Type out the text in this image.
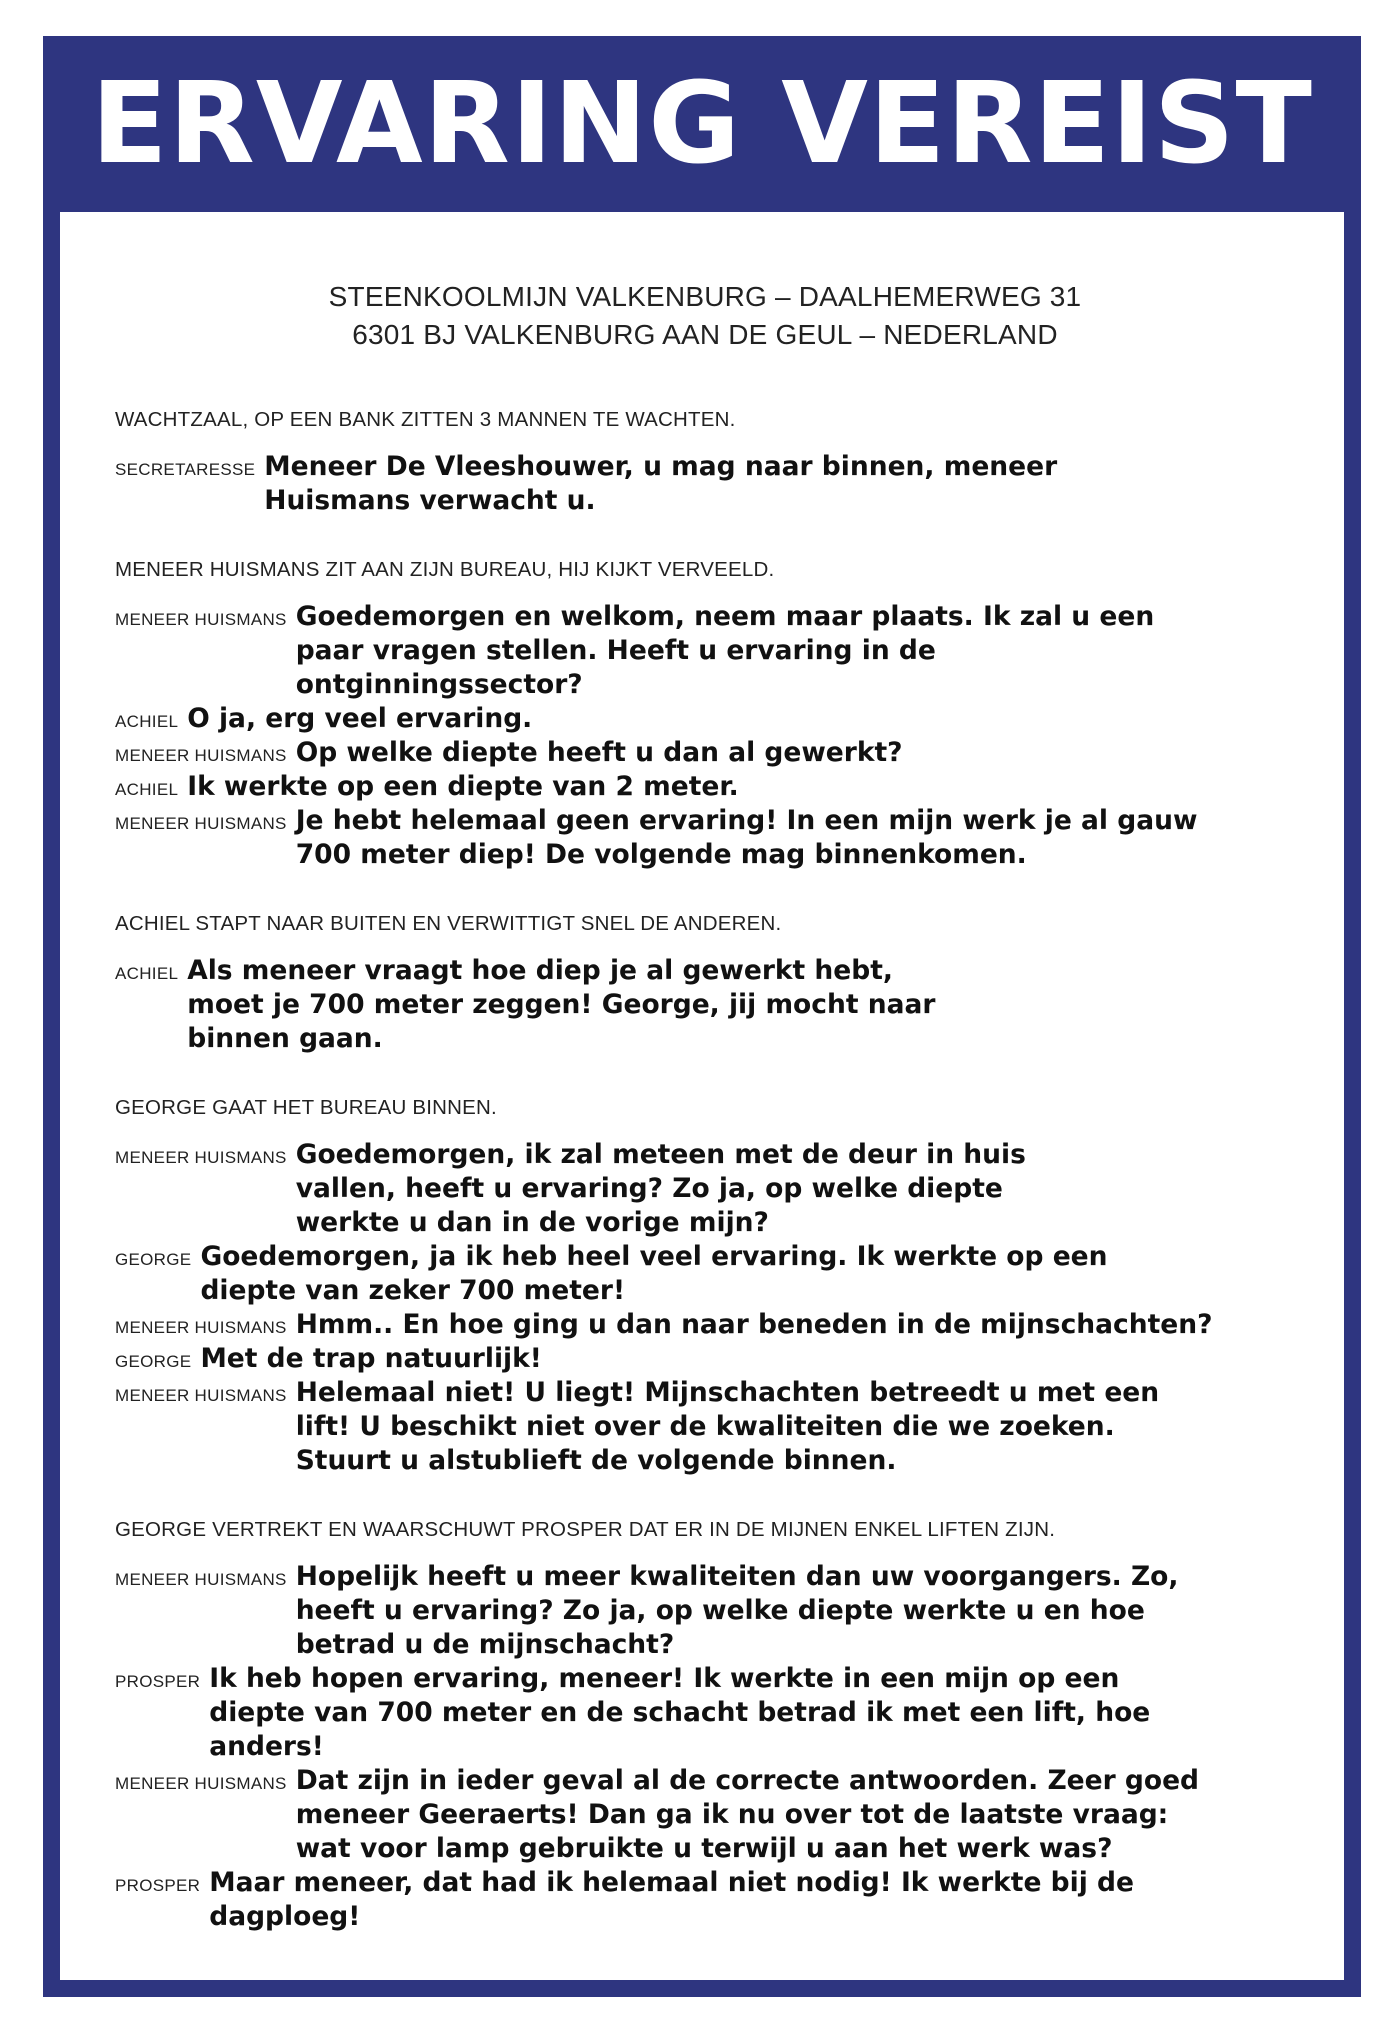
ERVARING VEREIST
STEENKOOLMIJN VALKENBURG – DAALHEMERWEG 31
6301 BJ VALKENBURG AAN DE GEUL – NEDERLAND
WACHTZAAL, OP EEN BANK ZITTEN 3 MANNEN TE WACHTEN.
SECRETARESSE Meneer De Vleeshouwer, u mag naar binnen, meneer Huismans verwacht u.
MENEER HUISMANS ZIT AAN ZIJN BUREAU, HIJ KIJKT VERVEELD.
MENEER HUISMANS Goedemorgen en welkom, neem maar plaats. Ik zal u een paar vragen stellen. Heeft u ervaring in de ontginningssector?
ACHIEL O ja, erg veel ervaring.
MENEER HUISMANS Op welke diepte heeft u dan al gewerkt?
ACHIEL Ik werkte op een diepte van 2 meter.
MENEER HUISMANS Je hebt helemaal geen ervaring! In een mijn werk je al gauw 700 meter diep! De volgende mag binnenkomen.
ACHIEL STAPT NAAR BUITEN EN VERWITTIGT SNEL DE ANDEREN.
ACHIEL Als meneer vraagt hoe diep je al gewerkt hebt, moet je 700 meter zeggen! George, jij mocht naar binnen gaan.
GEORGE GAAT HET BUREAU BINNEN.
MENEER HUISMANS Goedemorgen, ik zal meteen met de deur in huis vallen, heeft u ervaring? Zo ja, op welke diepte werkte u dan in de vorige mijn?
GEORGE Goedemorgen, ja ik heb heel veel ervaring. Ik werkte op een diepte van zeker 700 meter!
MENEER HUISMANS Hmm.. En hoe ging u dan naar beneden in de mijnschachten?
GEORGE Met de trap natuurlijk!
MENEER HUISMANS Helemaal niet! U liegt! Mijnschachten betreedt u met een lift! U beschikt niet over de kwaliteiten die we zoeken. Stuurt u alstublieft de volgende binnen.
GEORGE VERTREKT EN WAARSCHUWT PROSPER DAT ER IN DE MIJNEN ENKEL LIFTEN ZIJN.
MENEER HUISMANS Hopelijk heeft u meer kwaliteiten dan uw voorgangers. Zo, heeft u ervaring? Zo ja, op welke diepte werkte u en hoe betrad u de mijnschacht?
PROSPER Ik heb hopen ervaring, meneer! Ik werkte in een mijn op een diepte van 700 meter en de schacht betrad ik met een lift, hoe anders!
MENEER HUISMANS Dat zijn in ieder geval al de correcte antwoorden. Zeer goed meneer Geeraerts! Dan ga ik nu over tot de laatste vraag: wat voor lamp gebruikte u terwijl u aan het werk was?
PROSPER Maar meneer, dat had ik helemaal niet nodig! Ik werkte bij de dagploeg!
